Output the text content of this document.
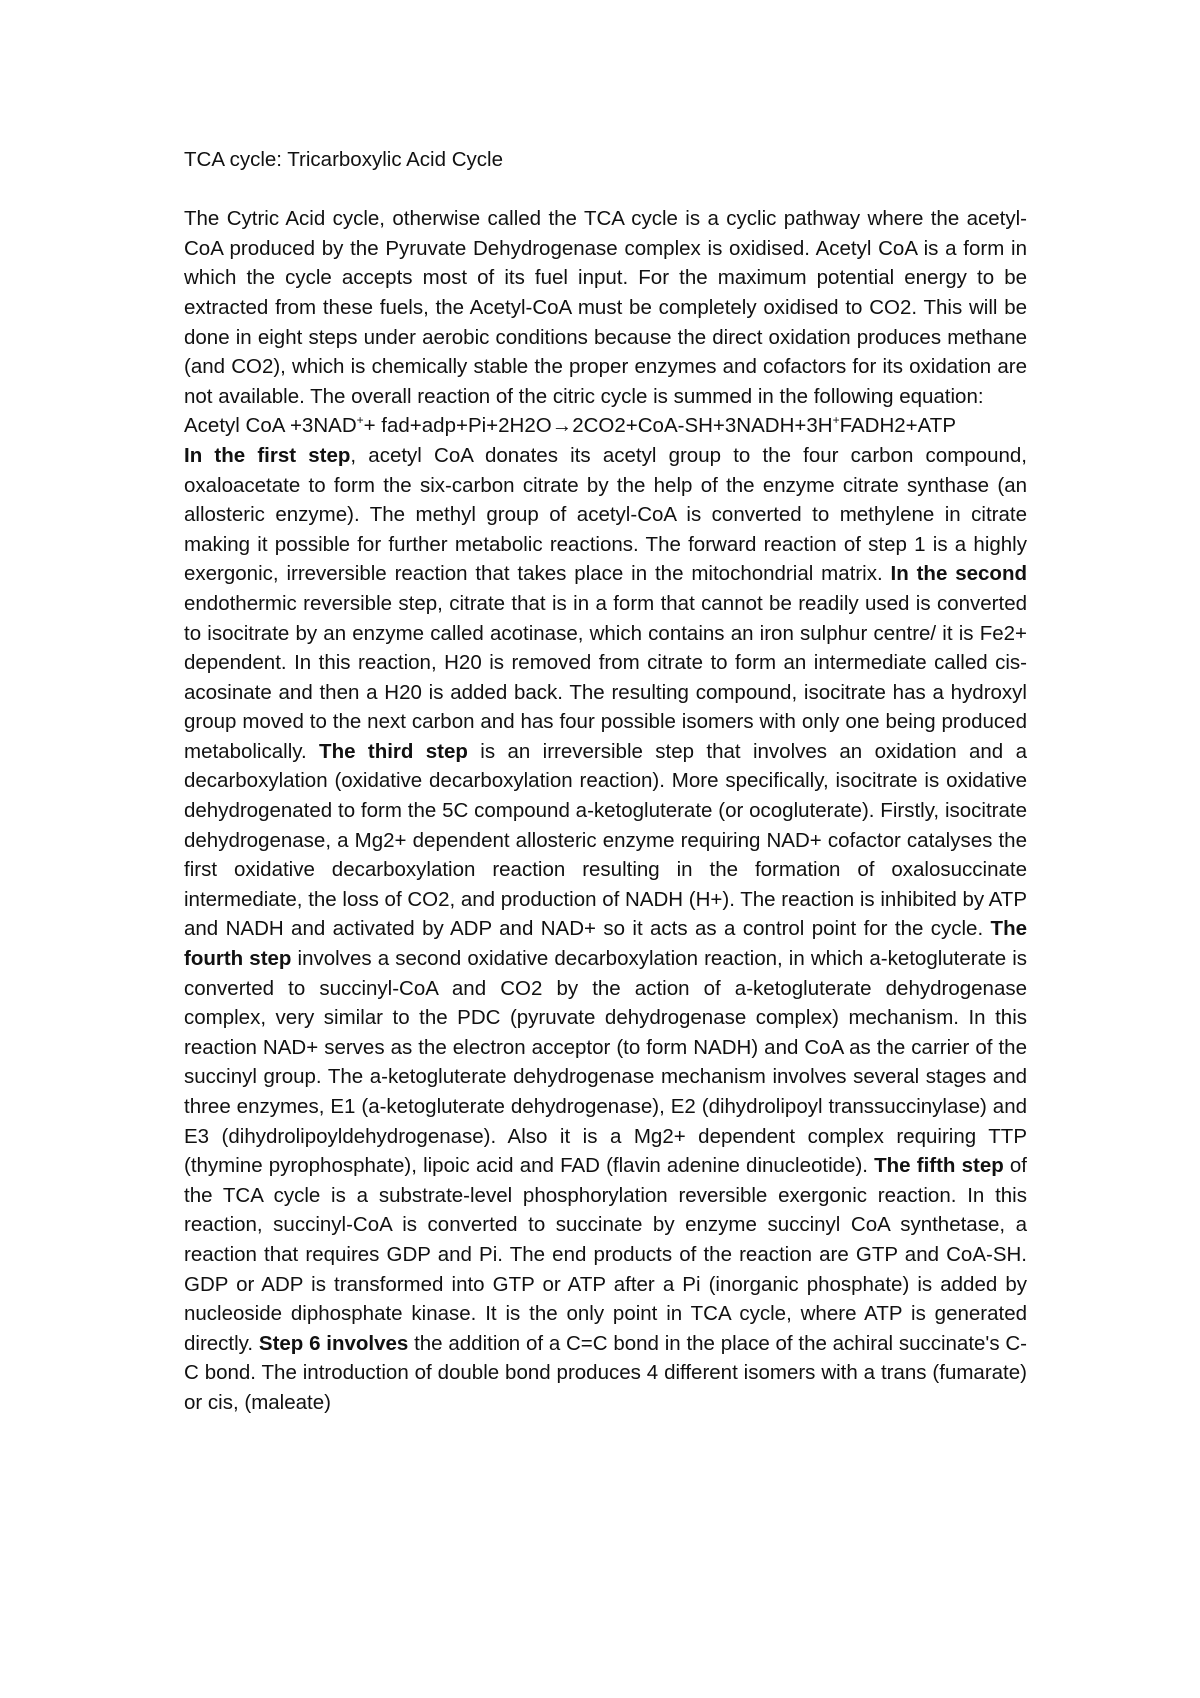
TCA cycle: Tricarboxylic Acid Cycle

The Cytric Acid cycle, otherwise called the TCA cycle is a cyclic pathway where the acetyl-CoA produced by the Pyruvate Dehydrogenase complex is oxidised. Acetyl CoA is a form in which the cycle accepts most of its fuel input. For the maximum potential energy to be extracted from these fuels, the Acetyl-CoA must be completely oxidised to CO2. This will be done in eight steps under aerobic conditions because the direct oxidation produces methane (and CO2), which is chemically stable the proper enzymes and cofactors for its oxidation are not available. The overall reaction of the citric cycle is summed in the following equation:

Acetyl CoA +3NAD++ fad+adp+Pi+2H2O→2CO2+CoA-SH+3NADH+3H+FADH2+ATP

In the first step, acetyl CoA donates its acetyl group to the four carbon compound, oxaloacetate to form the six-carbon citrate by the help of the enzyme citrate synthase (an allosteric enzyme). The methyl group of acetyl-CoA is converted to methylene in citrate making it possible for further metabolic reactions. The forward reaction of step 1 is a highly exergonic, irreversible reaction that takes place in the mitochondrial matrix. In the second endothermic reversible step, citrate that is in a form that cannot be readily used is converted to isocitrate by an enzyme called acotinase, which contains an iron sulphur centre/ it is Fe2+ dependent. In this reaction, H20 is removed from citrate to form an intermediate called cis-acosinate and then a H20 is added back. The resulting compound, isocitrate has a hydroxyl group moved to the next carbon and has four possible isomers with only one being produced metabolically. The third step is an irreversible step that involves an oxidation and a decarboxylation (oxidative decarboxylation reaction). More specifically, isocitrate is oxidative dehydrogenated to form the 5C compound a-ketogluterate (or ocogluterate). Firstly, isocitrate dehydrogenase, a Mg2+ dependent allosteric enzyme requiring NAD+ cofactor catalyses the first oxidative decarboxylation reaction resulting in the formation of oxalosuccinate intermediate, the loss of CO2, and production of NADH (H+). The reaction is inhibited by ATP and NADH and activated by ADP and NAD+ so it acts as a control point for the cycle. The fourth step involves a second oxidative decarboxylation reaction, in which a-ketogluterate is converted to succinyl-CoA and CO2 by the action of a-ketogluterate dehydrogenase complex, very similar to the PDC (pyruvate dehydrogenase complex) mechanism. In this reaction NAD+ serves as the electron acceptor (to form NADH) and CoA as the carrier of the succinyl group. The a-ketogluterate dehydrogenase mechanism involves several stages and three enzymes, E1 (a-ketogluterate dehydrogenase), E2 (dihydrolipoyl transsuccinylase) and E3 (dihydrolipoyldehydrogenase). Also it is a Mg2+ dependent complex requiring TTP (thymine pyrophosphate), lipoic acid and FAD (flavin adenine dinucleotide). The fifth step of the TCA cycle is a substrate-level phosphorylation reversible exergonic reaction. In this reaction, succinyl-CoA is converted to succinate by enzyme succinyl CoA synthetase, a reaction that requires GDP and Pi. The end products of the reaction are GTP and CoA-SH. GDP or ADP is transformed into GTP or ATP after a Pi (inorganic phosphate) is added by nucleoside diphosphate kinase. It is the only point in TCA cycle, where ATP is generated directly. Step 6 involves the addition of a C=C bond in the place of the achiral succinate's C-C bond. The introduction of double bond produces 4 different isomers with a trans (fumarate) or cis, (maleate)
